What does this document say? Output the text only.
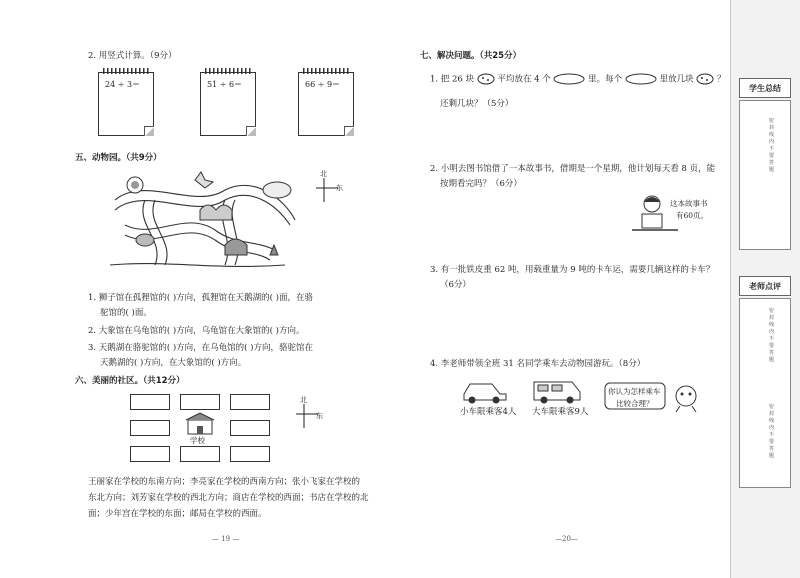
2. 用竖式计算。（9分）
24 ÷ 3＝	51 ÷ 6＝	66 ÷ 9＝
五、动物园。（共9分）
北
东
1. 狮子馆在孤狸馆的( )方向，孤狸馆在天鹅湖的( )面，在骆
驼馆的( )面。
2. 大象馆在乌龟馆的( )方向，乌龟馆在大象馆的( )方向。
3. 天鹅湖在骆驼馆的( )方向，在乌龟馆的( )方向，骆驼馆在
天鹅湖的( )方向，在大象馆的( )方向。
六、美丽的社区。（共12分）
学校
北
东
王丽家在学校的东南方向；李亮家在学校的西南方向；张小飞家在学校的
东北方向；刘芳家在学校的西北方向；商店在学校的西面；书店在学校的北
面；少年宫在学校的东面；邮局在学校的西面。
— 19 —
七、解决问题。（共25分）
1. 把 26 块	平均放在 4 个	里。每个	里放几块	？
还剩几块？（5分）
2. 小明去图书馆借了一本故事书，借期是一个星期，他计划每天看 8 页，能
按期看完吗？（6分）
这本故事书
有60页。
3. 有一批铁皮重 62 吨，用载重量为 9 吨的卡车运，需要几辆这样的卡车？
（6分）
4. 李老师带领全班 31 名同学乘车去动物园游玩。（8分）
小车限乘客4人 大车限乘客9人
你认为怎样乘车
比较合理？
—20—
学生总结
密封线内不要答题
老师点评
密封线内不要答题
密封线内不要答题
